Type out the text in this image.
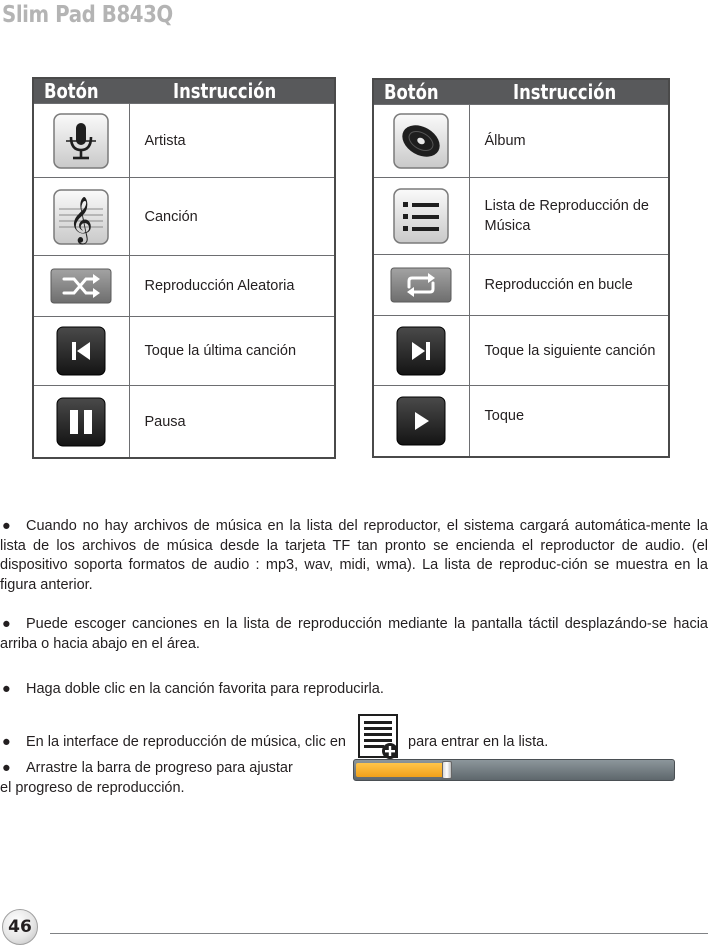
Slim Pad B843Q
Botón	Instrucción

	Artista

𝄞	Canción

	Reproducción Aleatoria

	Toque la última canción

	Pausa
Botón	Instrucción

	Álbum

	Lista de Reproducción de Música

	Reproducción en bucle

	Toque la siguiente canción

	Toque
● Cuando no hay archivos de música en la lista del reproductor, el sistema cargará automática-mente la lista de los archivos de música desde la tarjeta TF tan pronto se encienda el reproductor de audio. (el dispositivo soporta formatos de audio : mp3, wav, midi, wma). La lista de reproduc-ción se muestra en la figura anterior.
● Puede escoger canciones en la lista de reproducción mediante la pantalla táctil desplazándo-se hacia arriba o hacia abajo en el área.
● Haga doble clic en la canción favorita para reproducirla.
● En la interface de reproducción de música, clic en	para entrar en la lista.
● Arrastre la barra de progreso para ajustar
el progreso de reproducción.
46
